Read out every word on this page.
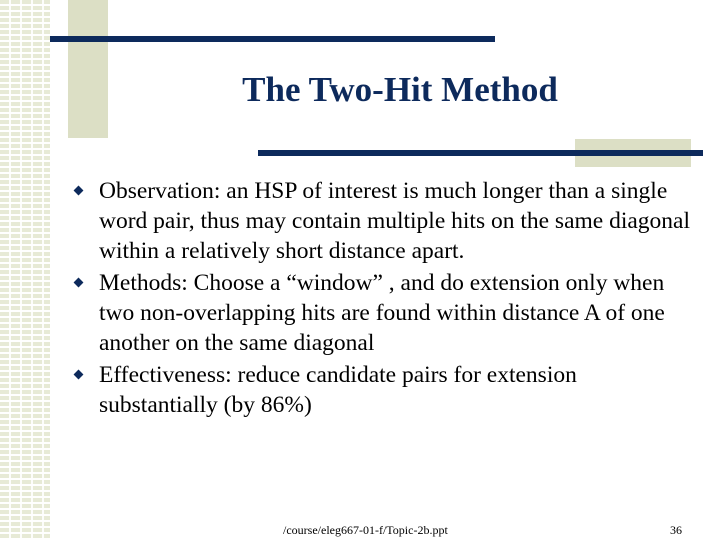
The Two-Hit Method
Observation: an HSP of interest is much longer than a single word pair, thus may contain multiple hits on the same diagonal within a relatively short distance apart.
Methods: Choose a “window” , and do extension only when two non-overlapping hits are found within distance A of one another on the same diagonal
Effectiveness: reduce candidate pairs for extension substantially (by 86%)
/course/eleg667-01-f/Topic-2b.ppt	36
